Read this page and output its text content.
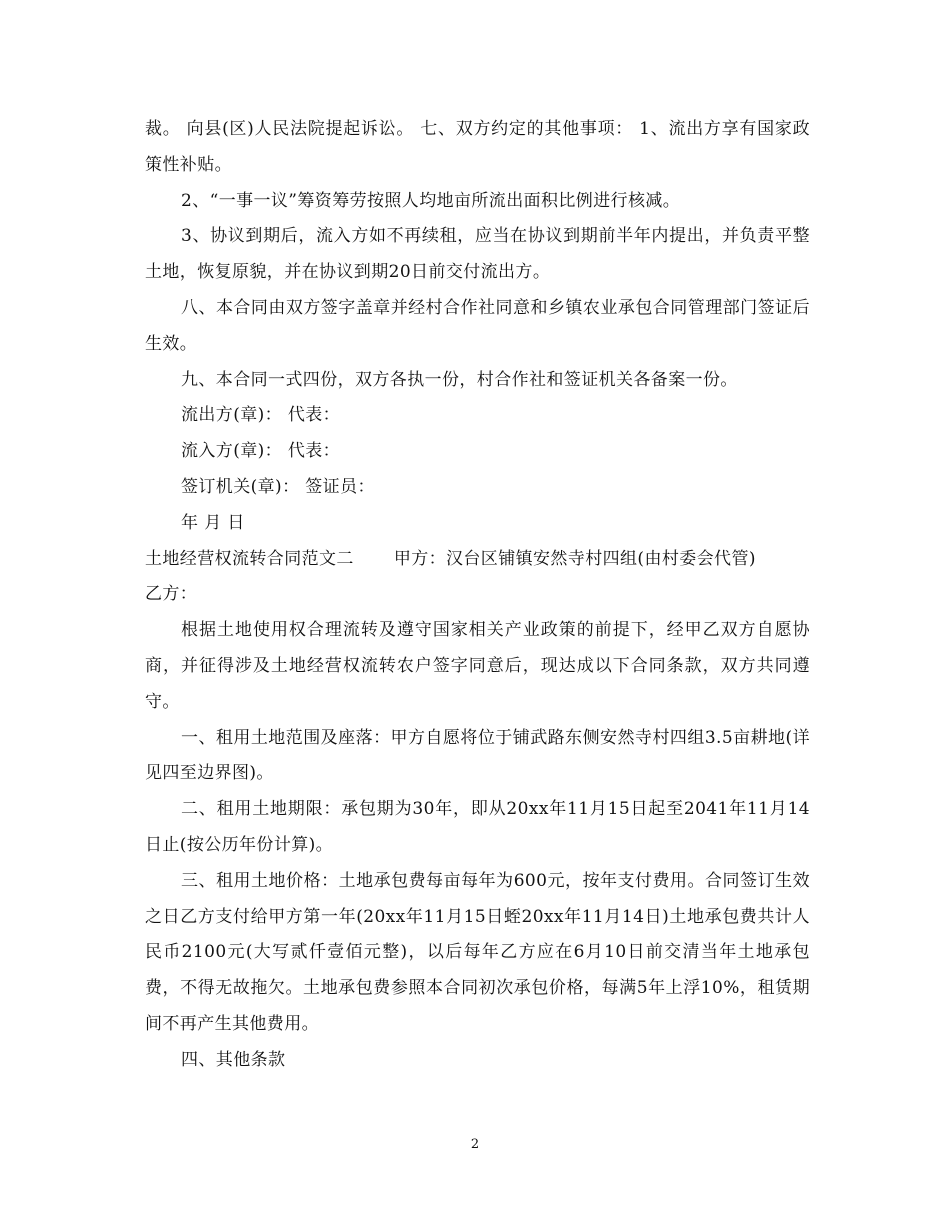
裁。 向县(区)人民法院提起诉讼。 七、双方约定的其他事项： 1、流出方享有国家政策性补贴。

2、“一事一议”筹资筹劳按照人均地亩所流出面积比例进行核减。

3、协议到期后，流入方如不再续租，应当在协议到期前半年内提出，并负责平整土地，恢复原貌，并在协议到期20日前交付流出方。

八、本合同由双方签字盖章并经村合作社同意和乡镇农业承包合同管理部门签证后生效。

九、本合同一式四份，双方各执一份，村合作社和签证机关各备案一份。

流出方(章)： 代表：

流入方(章)： 代表：

签订机关(章)： 签证员：

年 月 日

土地经营权流转合同范文二 甲方：汉台区铺镇安然寺村四组(由村委会代管)

乙方：

根据土地使用权合理流转及遵守国家相关产业政策的前提下，经甲乙双方自愿协商，并征得涉及土地经营权流转农户签字同意后，现达成以下合同条款，双方共同遵守。

一、租用土地范围及座落：甲方自愿将位于铺武路东侧安然寺村四组3.5亩耕地(详见四至边界图)。

二、租用土地期限：承包期为30年，即从20xx年11月15日起至2041年11月14日止(按公历年份计算)。

三、租用土地价格：土地承包费每亩每年为600元，按年支付费用。合同签订生效之日乙方支付给甲方第一年(20xx年11月15日蛭20xx年11月14日)土地承包费共计人民币2100元(大写贰仟壹佰元整)，以后每年乙方应在6月10日前交清当年土地承包费，不得无故拖欠。土地承包费参照本合同初次承包价格，每满5年上浮10%，租赁期间不再产生其他费用。

四、其他条款

2
